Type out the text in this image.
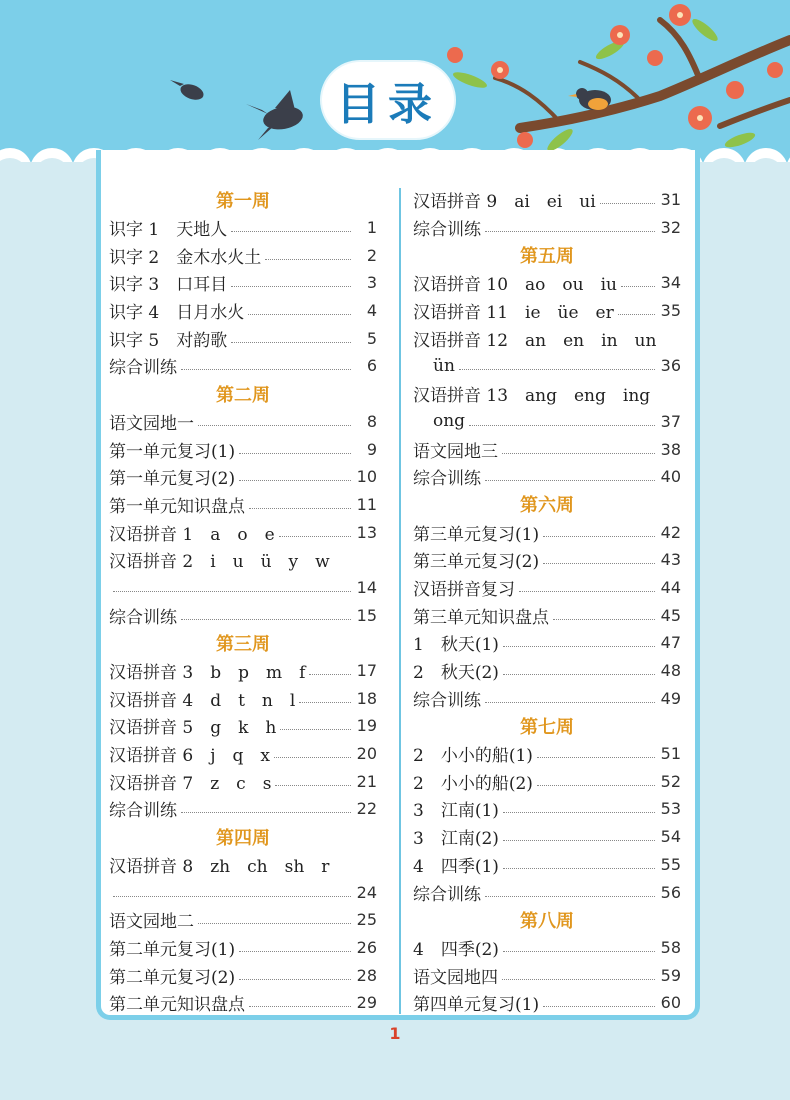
目录
第一周
识字 1　天地人	1
识字 2　金木水火土	2
识字 3　口耳目	3
识字 4　日月水火	4
识字 5　对韵歌	5
综合训练	6
第二周
语文园地一	8
第一单元复习(1)	9
第一单元复习(2)	10
第一单元知识盘点	11
汉语拼音 1　a　o　e	13
汉语拼音 2　i　u　ü　y　w
14
综合训练	15
第三周
汉语拼音 3　b　p　m　f	17
汉语拼音 4　d　t　n　l	18
汉语拼音 5　g　k　h	19
汉语拼音 6　j　q　x	20
汉语拼音 7　z　c　s	21
综合训练	22
第四周
汉语拼音 8　zh　ch　sh　r
24
语文园地二	25
第二单元复习(1)	26
第二单元复习(2)	28
第二单元知识盘点	29
汉语拼音 9　ai　ei　ui	31
综合训练	32
第五周
汉语拼音 10　ao　ou　iu	34
汉语拼音 11　ie　üe　er	35
汉语拼音 12　an　en　in　un
ün	36
汉语拼音 13　ang　eng　ing
ong	37
语文园地三	38
综合训练	40
第六周
第三单元复习(1)	42
第三单元复习(2)	43
汉语拼音复习	44
第三单元知识盘点	45
1　秋天(1)	47
2　秋天(2)	48
综合训练	49
第七周
2　小小的船(1)	51
2　小小的船(2)	52
3　江南(1)	53
3　江南(2)	54
4　四季(1)	55
综合训练	56
第八周
4　四季(2)	58
语文园地四	59
第四单元复习(1)	60
1
